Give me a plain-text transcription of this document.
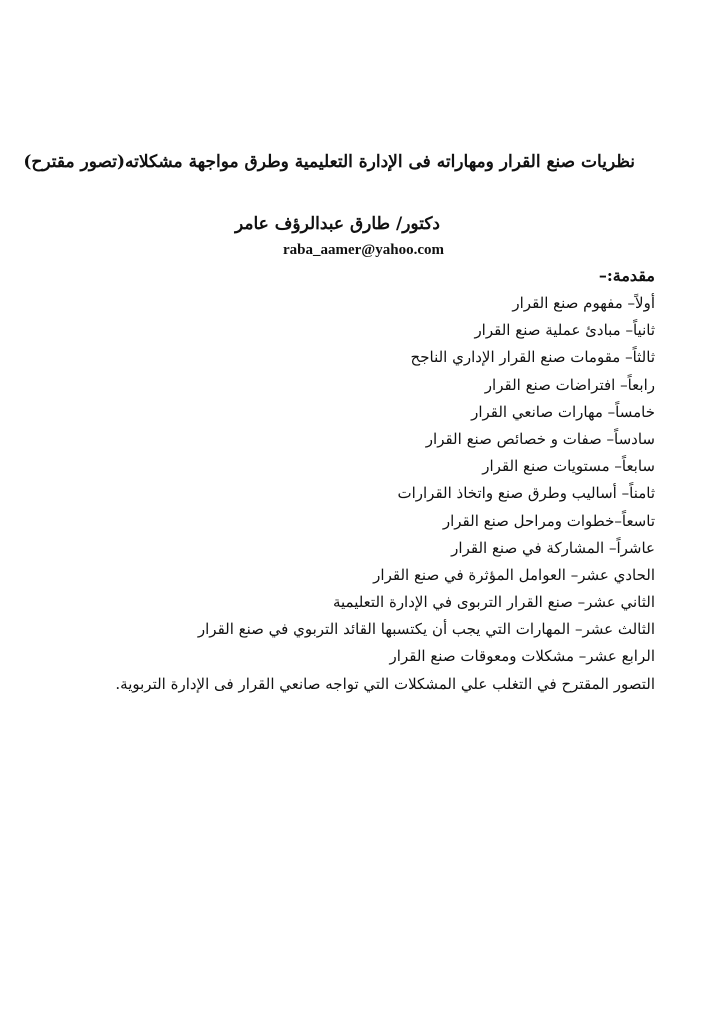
نظريات صنع القرار ومهاراته فى الإدارة التعليمية وطرق مواجهة مشكلاته(تصور مقترح)
دكتور/ طارق عبدالرؤف عامر
raba_aamer@yahoo.com
مقدمة:–
أولاً– مفهوم صنع القرار
ثانياً– مبادئ عملية صنع القرار
ثالثاً– مقومات صنع القرار الإداري الناجح
رابعاً– افتراضات صنع القرار
خامساً– مهارات صانعي القرار
سادساً– صفات و خصائص صنع القرار
سابعاً– مستويات صنع القرار
ثامناً– أساليب وطرق صنع واتخاذ القرارات
تاسعاً–خطوات ومراحل صنع القرار
عاشراً– المشاركة في صنع القرار
الحادي عشر– العوامل المؤثرة في صنع القرار
الثاني عشر– صنع القرار التربوى في الإدارة التعليمية
الثالث عشر– المهارات التي يجب أن يكتسبها القائد التربوي في صنع القرار
الرابع عشر– مشكلات ومعوقات صنع القرار
التصور المقترح في التغلب علي المشكلات التي تواجه صانعي القرار فى الإدارة التربوية.
